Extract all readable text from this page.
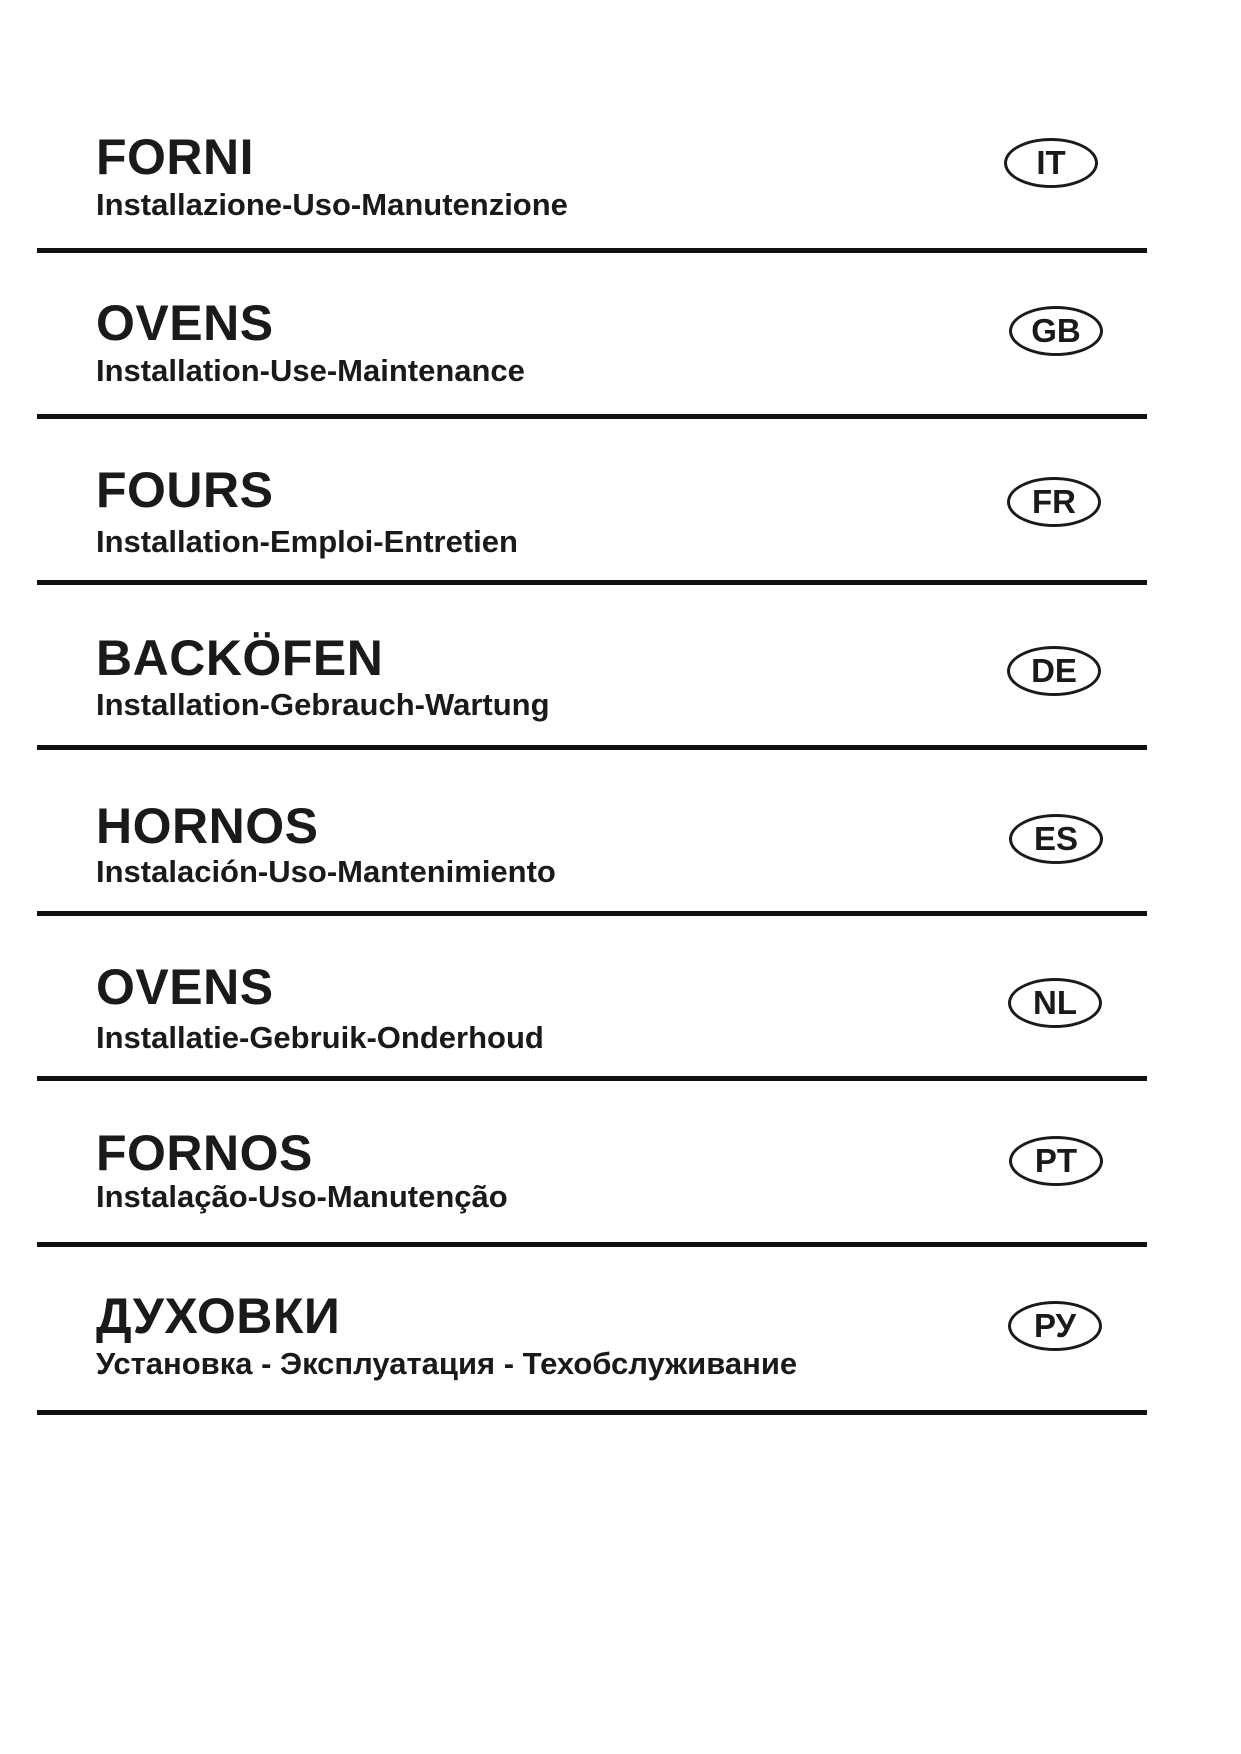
FORNI
Installazione-Uso-Manutenzione
IT
OVENS
Installation-Use-Maintenance
GB
FOURS
Installation-Emploi-Entretien
FR
BACKÖFEN
Installation-Gebrauch-Wartung
DE
HORNOS
Instalación-Uso-Mantenimiento
ES
OVENS
Installatie-Gebruik-Onderhoud
NL
FORNOS
Instalação-Uso-Manutenção
PT
ДУХОВКИ
Установка - Эксплуатация - Техобслуживание
РУ
